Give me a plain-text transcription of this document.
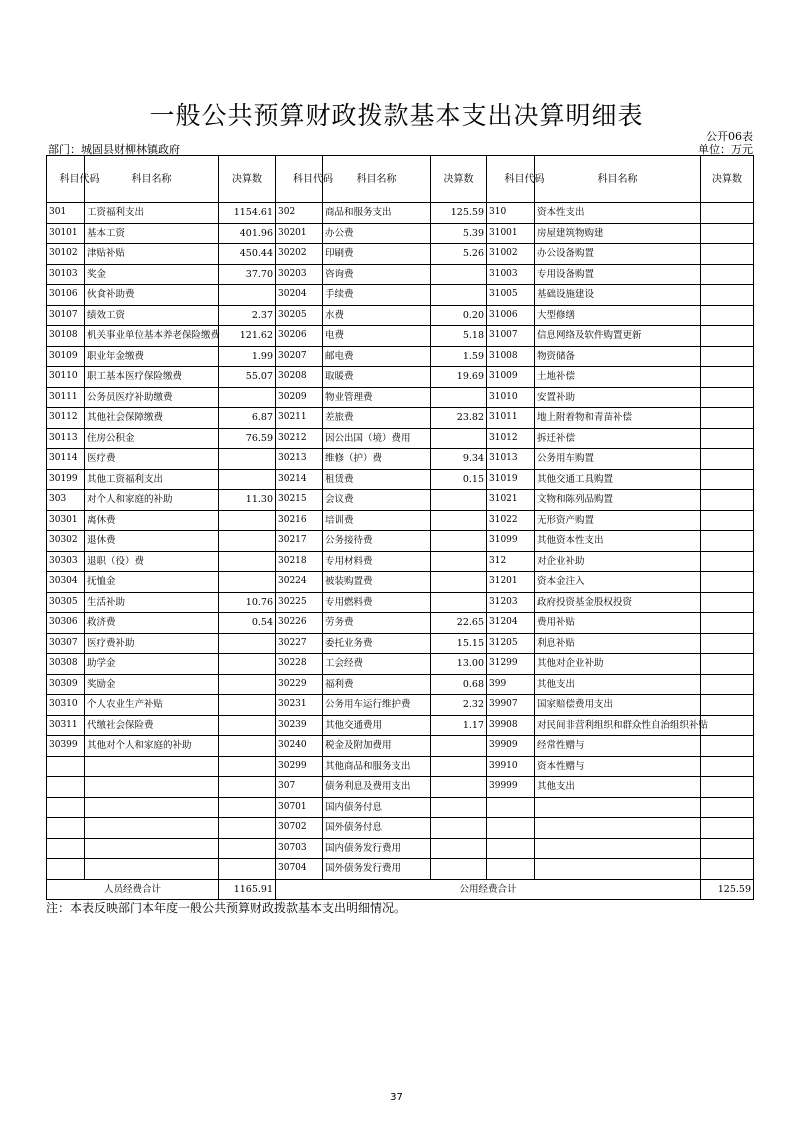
一般公共预算财政拨款基本支出决算明细表
公开06表
部门：城固县财柳林镇政府	单位：万元
科目代码	科目名称	决算数	科目代码	科目名称	决算数	科目代码	科目名称	决算数
301	工资福利支出	1154.61	302	商品和服务支出	125.59	310	资本性支出	
30101	基本工资	401.96	30201	办公费	5.39	31001	房屋建筑物购建	
30102	津贴补贴	450.44	30202	印刷费	5.26	31002	办公设备购置	
30103	奖金	37.70	30203	咨询费		31003	专用设备购置	
30106	伙食补助费		30204	手续费		31005	基础设施建设	
30107	绩效工资	2.37	30205	水费	0.20	31006	大型修缮	
30108	机关事业单位基本养老保险缴费	121.62	30206	电费	5.18	31007	信息网络及软件购置更新	
30109	职业年金缴费	1.99	30207	邮电费	1.59	31008	物资储备	
30110	职工基本医疗保险缴费	55.07	30208	取暖费	19.69	31009	土地补偿	
30111	公务员医疗补助缴费		30209	物业管理费		31010	安置补助	
30112	其他社会保障缴费	6.87	30211	差旅费	23.82	31011	地上附着物和青苗补偿	
30113	住房公积金	76.59	30212	因公出国（境）费用		31012	拆迁补偿	
30114	医疗费		30213	维修（护）费	9.34	31013	公务用车购置	
30199	其他工资福利支出		30214	租赁费	0.15	31019	其他交通工具购置	
303	对个人和家庭的补助	11.30	30215	会议费		31021	文物和陈列品购置	
30301	离休费		30216	培训费		31022	无形资产购置	
30302	退休费		30217	公务接待费		31099	其他资本性支出	
30303	退职（役）费		30218	专用材料费		312	对企业补助	
30304	抚恤金		30224	被装购置费		31201	资本金注入	
30305	生活补助	10.76	30225	专用燃料费		31203	政府投资基金股权投资	
30306	救济费	0.54	30226	劳务费	22.65	31204	费用补贴	
30307	医疗费补助		30227	委托业务费	15.15	31205	利息补贴	
30308	助学金		30228	工会经费	13.00	31299	其他对企业补助	
30309	奖励金		30229	福利费	0.68	399	其他支出	
30310	个人农业生产补贴		30231	公务用车运行维护费	2.32	39907	国家赔偿费用支出	
30311	代缴社会保险费		30239	其他交通费用	1.17	39908	对民间非营利组织和群众性自治组织补贴	
30399	其他对个人和家庭的补助		30240	税金及附加费用		39909	经常性赠与	
			30299	其他商品和服务支出		39910	资本性赠与	
			307	债务利息及费用支出		39999	其他支出	
			30701	国内债务付息				
			30702	国外债务付息				
			30703	国内债务发行费用				
			30704	国外债务发行费用				
人员经费合计		1165.91	公用经费合计					125.59
注：本表反映部门本年度一般公共预算财政拨款基本支出明细情况。
37
